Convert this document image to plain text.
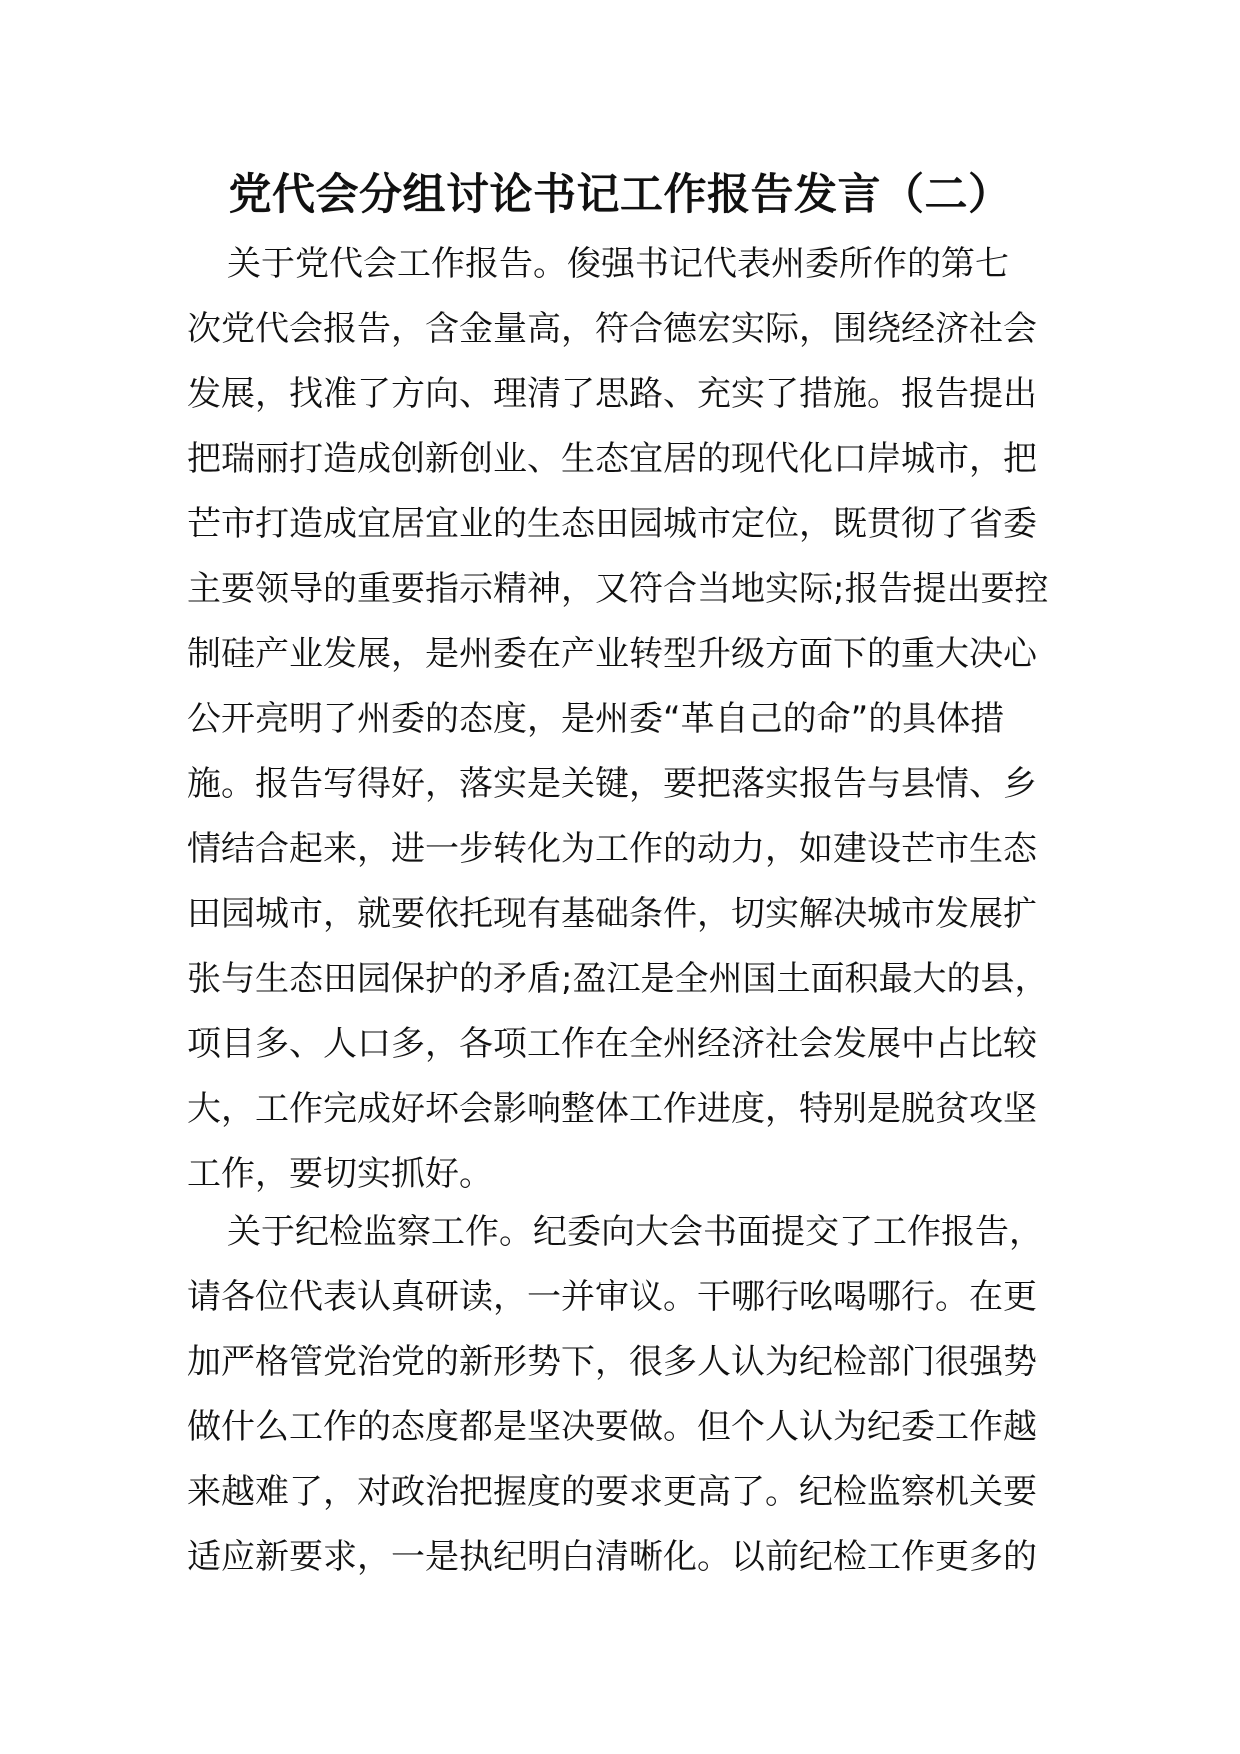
党代会分组讨论书记工作报告发言（二）
关于党代会工作报告。俊强书记代表州委所作的第七
次党代会报告，含金量高，符合德宏实际，围绕经济社会
发展，找准了方向、理清了思路、充实了措施。报告提出
把瑞丽打造成创新创业、生态宜居的现代化口岸城市，把
芒市打造成宜居宜业的生态田园城市定位，既贯彻了省委
主要领导的重要指示精神，又符合当地实际;报告提出要控
制硅产业发展，是州委在产业转型升级方面下的重大决心
公开亮明了州委的态度，是州委“革自己的命”的具体措
施。报告写得好，落实是关键，要把落实报告与县情、乡
情结合起来，进一步转化为工作的动力，如建设芒市生态
田园城市，就要依托现有基础条件，切实解决城市发展扩
张与生态田园保护的矛盾;盈江是全州国土面积最大的县，
项目多、人口多，各项工作在全州经济社会发展中占比较
大，工作完成好坏会影响整体工作进度，特别是脱贫攻坚
工作，要切实抓好。
关于纪检监察工作。纪委向大会书面提交了工作报告，
请各位代表认真研读，一并审议。干哪行吆喝哪行。在更
加严格管党治党的新形势下，很多人认为纪检部门很强势
做什么工作的态度都是坚决要做。但个人认为纪委工作越
来越难了，对政治把握度的要求更高了。纪检监察机关要
适应新要求，一是执纪明白清晰化。以前纪检工作更多的
